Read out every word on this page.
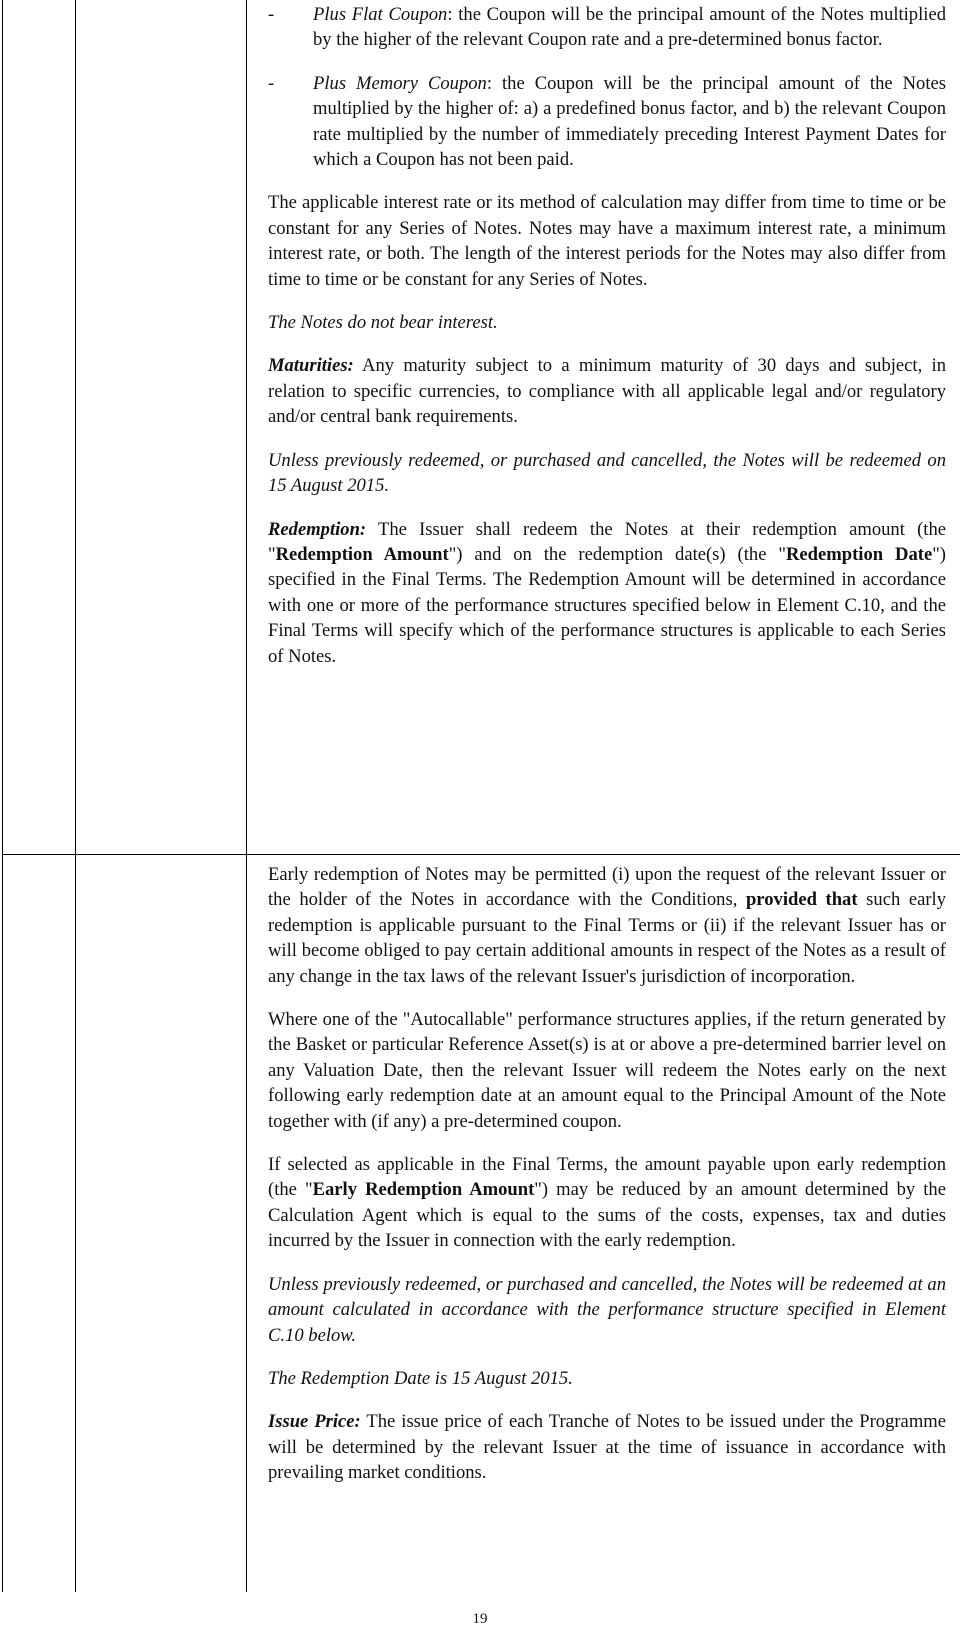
- Plus Flat Coupon: the Coupon will be the principal amount of the Notes multiplied by the higher of the relevant Coupon rate and a pre-determined bonus factor.
- Plus Memory Coupon: the Coupon will be the principal amount of the Notes multiplied by the higher of: a) a predefined bonus factor, and b) the relevant Coupon rate multiplied by the number of immediately preceding Interest Payment Dates for which a Coupon has not been paid.

The applicable interest rate or its method of calculation may differ from time to time or be constant for any Series of Notes. Notes may have a maximum interest rate, a minimum interest rate, or both. The length of the interest periods for the Notes may also differ from time to time or be constant for any Series of Notes.

The Notes do not bear interest.

Maturities: Any maturity subject to a minimum maturity of 30 days and subject, in relation to specific currencies, to compliance with all applicable legal and/or regulatory and/or central bank requirements.

Unless previously redeemed, or purchased and cancelled, the Notes will be redeemed on 15 August 2015.

Redemption: The Issuer shall redeem the Notes at their redemption amount (the "Redemption Amount") and on the redemption date(s) (the "Redemption Date") specified in the Final Terms. The Redemption Amount will be determined in accordance with one or more of the performance structures specified below in Element C.10, and the Final Terms will specify which of the performance structures is applicable to each Series of Notes.

Early redemption of Notes may be permitted (i) upon the request of the relevant Issuer or the holder of the Notes in accordance with the Conditions, provided that such early redemption is applicable pursuant to the Final Terms or (ii) if the relevant Issuer has or will become obliged to pay certain additional amounts in respect of the Notes as a result of any change in the tax laws of the relevant Issuer's jurisdiction of incorporation.

Where one of the "Autocallable" performance structures applies, if the return generated by the Basket or particular Reference Asset(s) is at or above a pre-determined barrier level on any Valuation Date, then the relevant Issuer will redeem the Notes early on the next following early redemption date at an amount equal to the Principal Amount of the Note together with (if any) a pre-determined coupon.

If selected as applicable in the Final Terms, the amount payable upon early redemption (the "Early Redemption Amount") may be reduced by an amount determined by the Calculation Agent which is equal to the sums of the costs, expenses, tax and duties incurred by the Issuer in connection with the early redemption.

Unless previously redeemed, or purchased and cancelled, the Notes will be redeemed at an amount calculated in accordance with the performance structure specified in Element C.10 below.

The Redemption Date is 15 August 2015.

Issue Price: The issue price of each Tranche of Notes to be issued under the Programme will be determined by the relevant Issuer at the time of issuance in accordance with prevailing market conditions.

19
